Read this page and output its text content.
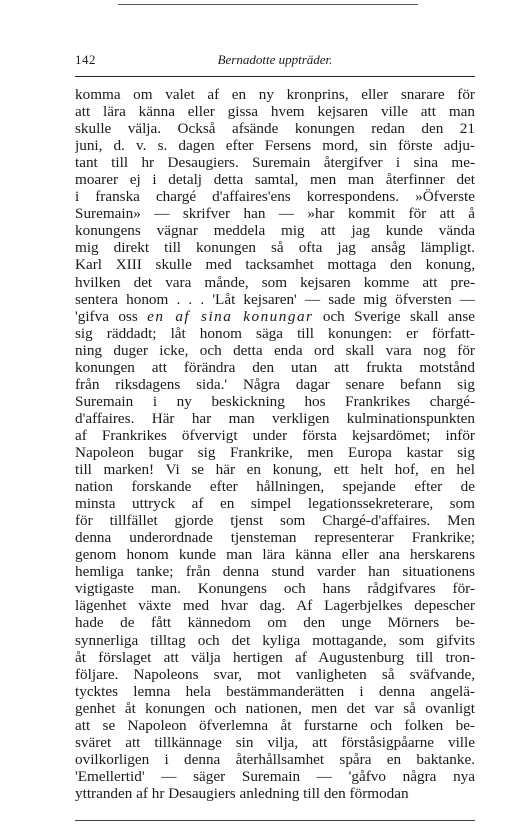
142	Bernadotte uppträder.
komma om valet af en ny kronprins, eller snarare för
att lära känna eller gissa hvem kejsaren ville att man
skulle välja. Också afsände konungen redan den 21
juni, d. v. s. dagen efter Fersens mord, sin förste adju-
tant till hr Desaugiers. Suremain återgifver i sina me-
moarer ej i detalj detta samtal, men man återfinner det
i franska chargé d'affaires'ens korrespondens. »Öfverste
Suremain» — skrifver han — »har kommit för att å
konungens vägnar meddela mig att jag kunde vända
mig direkt till konungen så ofta jag ansåg lämpligt.
Karl XIII skulle med tacksamhet mottaga den konung,
hvilken det vara månde, som kejsaren komme att pre-
sentera honom . . . 'Låt kejsaren' — sade mig öfversten —
'gifva oss en af sina konungar och Sverige skall anse
sig räddadt; låt honom säga till konungen: er författ-
ning duger icke, och detta enda ord skall vara nog för
konungen att förändra den utan att frukta motstånd
från riksdagens sida.' Några dagar senare befann sig
Suremain i ny beskickning hos Frankrikes chargé-
d'affaires. Här har man verkligen kulminationspunkten
af Frankrikes öfvervigt under första kejsardömet; inför
Napoleon bugar sig Frankrike, men Europa kastar sig
till marken! Vi se här en konung, ett helt hof, en hel
nation forskande efter hållningen, spejande efter de
minsta uttryck af en simpel legationssekreterare, som
för tillfället gjorde tjenst som Chargé-d'affaires. Men
denna underordnade tjensteman representerar Frankrike;
genom honom kunde man lära känna eller ana herskarens
hemliga tanke; från denna stund varder han situationens
vigtigaste man. Konungens och hans rådgifvares för-
lägenhet växte med hvar dag. Af Lagerbjelkes depescher
hade de fått kännedom om den unge Mörners be-
synnerliga tilltag och det kyliga mottagande, som gifvits
åt förslaget att välja hertigen af Augustenburg till tron-
följare. Napoleons svar, mot vanligheten så sväfvande,
tycktes lemna hela bestämmanderätten i denna angelä-
genhet åt konungen och nationen, men det var så ovanligt
att se Napoleon öfverlemna åt furstarne och folken be-
sväret att tillkännage sin vilja, att förståsigpåarne ville
ovilkorligen i denna återhållsamhet spåra en baktanke.
'Emellertid' — säger Suremain — 'gåfvo några nya
yttranden af hr Desaugiers anledning till den förmodan
